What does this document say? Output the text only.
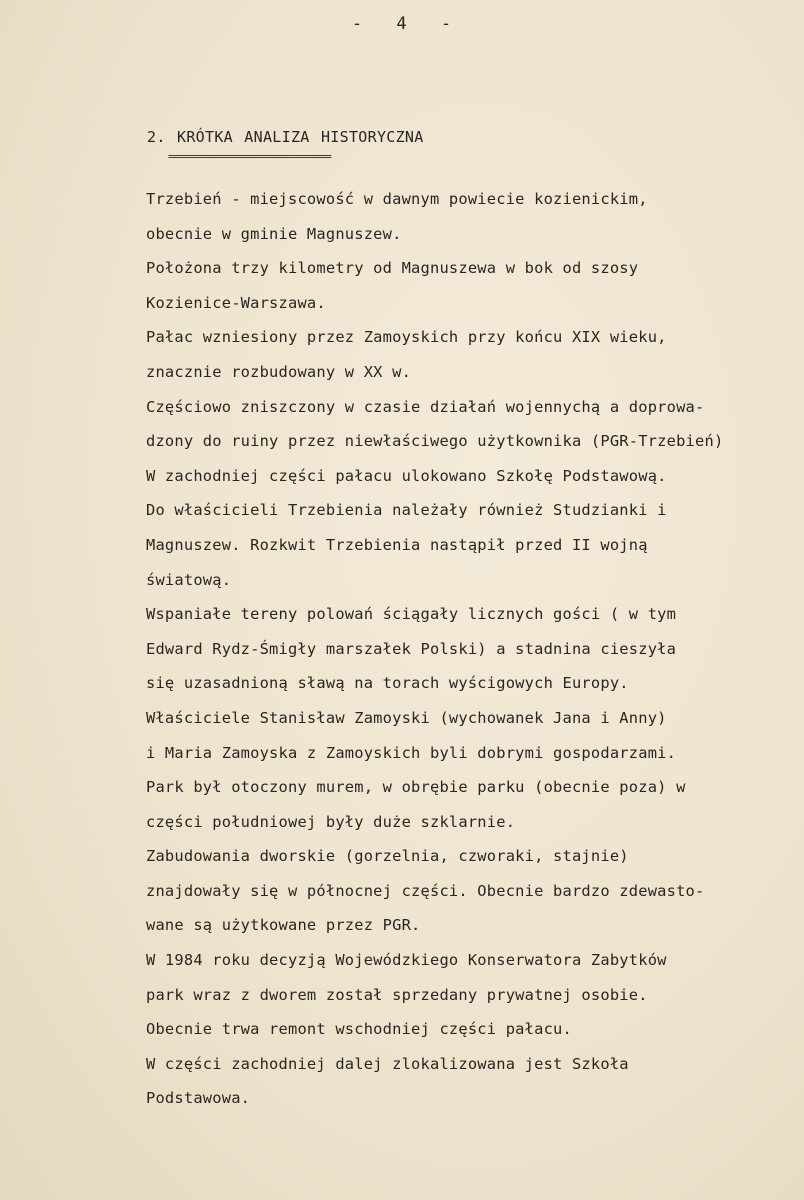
- 4 -
2. KRÓTKA ANALIZA HISTORYCZNA
==============================
Trzebień - miejscowość w dawnym powiecie kozienickim,
obecnie w gminie Magnuszew.
Położona trzy kilometry od Magnuszewa w bok od szosy
Kozienice-Warszawa.
Pałac wzniesiony przez Zamoyskich przy końcu XIX wieku,
znacznie rozbudowany w XX w.
Częściowo zniszczony w czasie działań wojennychą a doprowa-
dzony do ruiny przez niewłaściwego użytkownika (PGR-Trzebień)
W zachodniej części pałacu ulokowano Szkołę Podstawową.
Do właścicieli Trzebienia należały również Studzianki i
Magnuszew. Rozkwit Trzebienia nastąpił przed II wojną
światową.
Wspaniałe tereny polowań ściągały licznych gości ( w tym
Edward Rydz-Śmigły marszałek Polski) a stadnina cieszyła
się uzasadnioną sławą na torach wyścigowych Europy.
Właściciele Stanisław Zamoyski (wychowanek Jana i Anny)
i Maria Zamoyska z Zamoyskich byli dobrymi gospodarzami.
Park był otoczony murem, w obrębie parku (obecnie poza) w
części południowej były duże szklarnie.
Zabudowania dworskie (gorzelnia, czworaki, stajnie)
znajdowały się w północnej części. Obecnie bardzo zdewasto-
wane są użytkowane przez PGR.
W 1984 roku decyzją Wojewódzkiego Konserwatora Zabytków
park wraz z dworem został sprzedany prywatnej osobie.
Obecnie trwa remont wschodniej części pałacu.
W części zachodniej dalej zlokalizowana jest Szkoła
Podstawowa.
